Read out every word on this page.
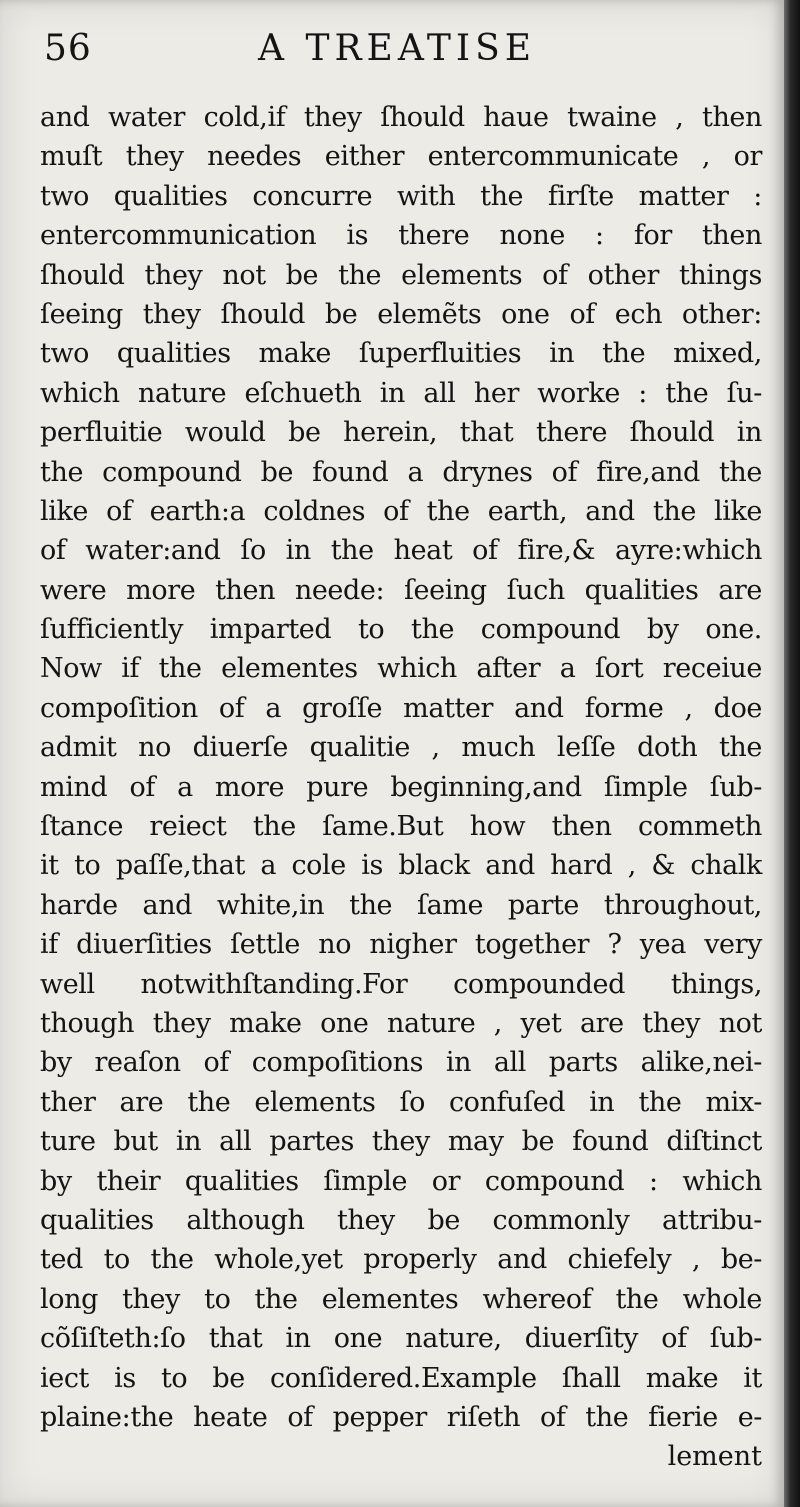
56	A TREATISE
and water cold,if they ſhould haue twaine , then
muſt they needes either entercommunicate , or
two qualities concurre with the firſte matter :
entercommunication is there none : for then
ſhould they not be the elements of other things
ſeeing they ſhould be elemẽts one of ech other:
two qualities make ſuperfluities in the mixed,
which nature eſchueth in all her worke : the ſu-
perfluitie would be herein, that there ſhould in
the compound be found a drynes of fire,and the
like of earth:a coldnes of the earth, and the like
of water:and ſo in the heat of fire,& ayre:which
were more then neede: ſeeing ſuch qualities are
ſufficiently imparted to the compound by one.
Now if the elementes which after a ſort receiue
compoſition of a groſſe matter and forme , doe
admit no diuerſe qualitie , much leſſe doth the
mind of a more pure beginning,and ſimple ſub-
ſtance reiect the ſame.But how then commeth
it to paſſe,that a cole is black and hard , & chalk
harde and white,in the ſame parte throughout,
if diuerſities ſettle no nigher together ? yea very
well notwithſtanding.For compounded things,
though they make one nature , yet are they not
by reaſon of compoſitions in all parts alike,nei-
ther are the elements ſo confuſed in the mix-
ture but in all partes they may be found diſtinct
by their qualities ſimple or compound : which
qualities although they be commonly attribu-
ted to the whole,yet properly and chiefely , be-
long they to the elementes whereof the whole
cõſiſteth:ſo that in one nature, diuerſity of ſub-
iect is to be conſidered.Example ſhall make it
plaine:the heate of pepper riſeth of the fierie e-
lement
